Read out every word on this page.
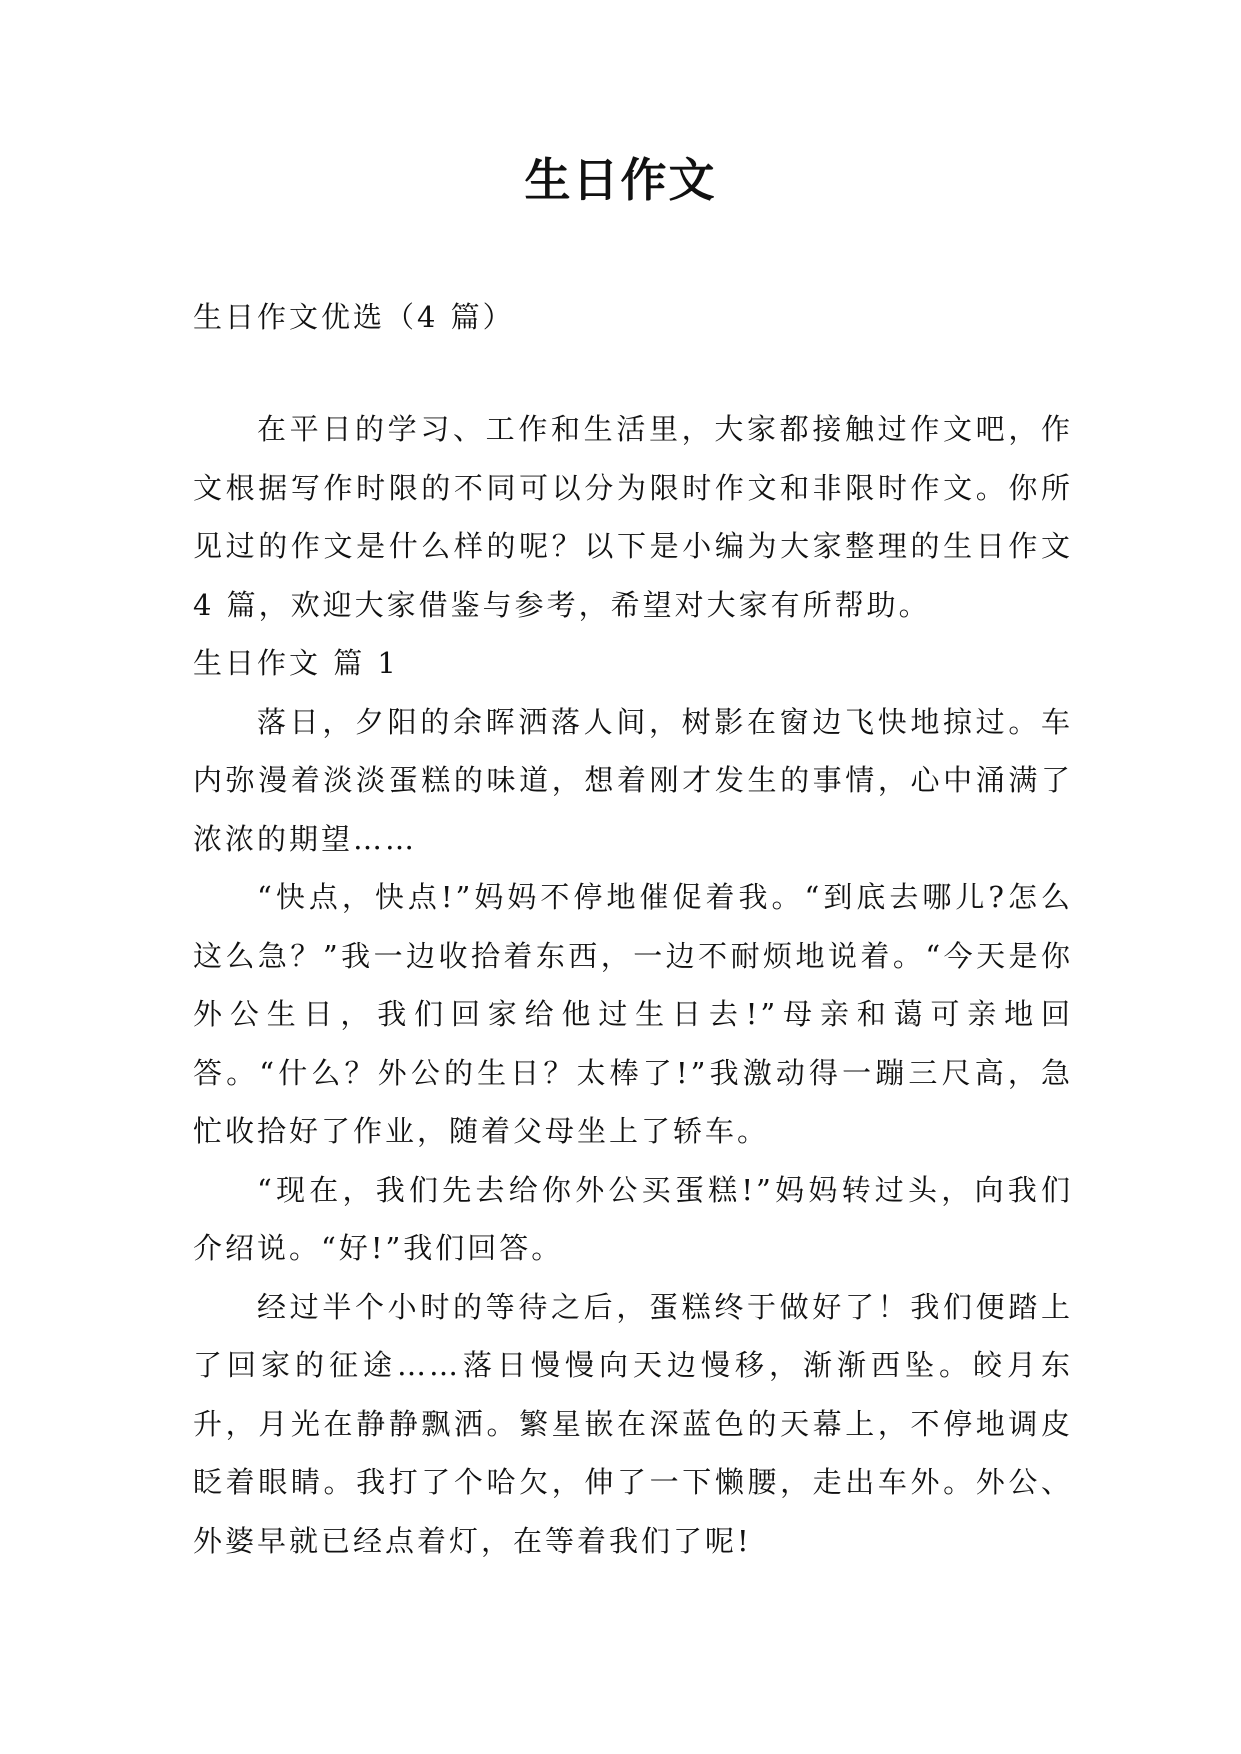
生日作文
生日作文优选（4 篇）

在平日的学习、工作和生活里，大家都接触过作文吧，作文根据写作时限的不同可以分为限时作文和非限时作文。你所见过的作文是什么样的呢？以下是小编为大家整理的生日作文 4 篇，欢迎大家借鉴与参考，希望对大家有所帮助。

生日作文 篇 1

落日，夕阳的余晖洒落人间，树影在窗边飞快地掠过。车内弥漫着淡淡蛋糕的味道，想着刚才发生的事情，心中涌满了浓浓的期望……

“快点，快点!”妈妈不停地催促着我。“到底去哪儿?怎么这么急？”我一边收拾着东西，一边不耐烦地说着。“今天是你外公生日，我们回家给他过生日去!”母亲和蔼可亲地回答。“什么？外公的生日？太棒了!”我激动得一蹦三尺高，急忙收拾好了作业，随着父母坐上了轿车。

“现在，我们先去给你外公买蛋糕!”妈妈转过头，向我们介绍说。“好!”我们回答。

经过半个小时的等待之后，蛋糕终于做好了！我们便踏上了回家的征途……落日慢慢向天边慢移，渐渐西坠。皎月东升，月光在静静飘洒。繁星嵌在深蓝色的天幕上，不停地调皮眨着眼睛。我打了个哈欠，伸了一下懒腰，走出车外。外公、外婆早就已经点着灯，在等着我们了呢!
